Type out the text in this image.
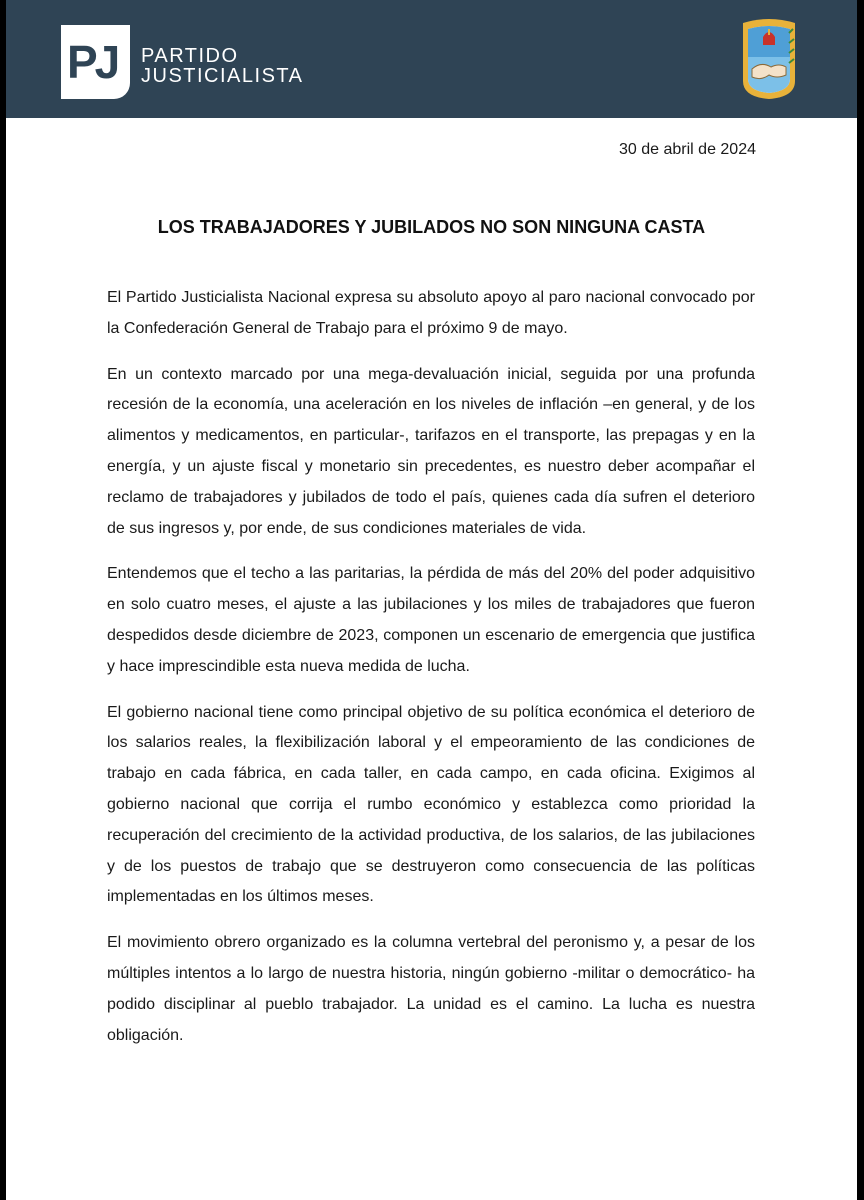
PJ PARTIDO
JUSTICIALISTA
30 de abril de 2024
LOS TRABAJADORES Y JUBILADOS NO SON NINGUNA CASTA

El Partido Justicialista Nacional expresa su absoluto apoyo al paro nacional convocado por la Confederación General de Trabajo para el próximo 9 de mayo.

En un contexto marcado por una mega-devaluación inicial, seguida por una profunda recesión de la economía, una aceleración en los niveles de inflación –en general, y de los alimentos y medicamentos, en particular-, tarifazos en el transporte, las prepagas y en la energía, y un ajuste fiscal y monetario sin precedentes, es nuestro deber acompañar el reclamo de trabajadores y jubilados de todo el país, quienes cada día sufren el deterioro de sus ingresos y, por ende, de sus condiciones materiales de vida.

Entendemos que el techo a las paritarias, la pérdida de más del 20% del poder adquisitivo en solo cuatro meses, el ajuste a las jubilaciones y los miles de trabajadores que fueron despedidos desde diciembre de 2023, componen un escenario de emergencia que justifica y hace imprescindible esta nueva medida de lucha.

El gobierno nacional tiene como principal objetivo de su política económica el deterioro de los salarios reales, la flexibilización laboral y el empeoramiento de las condiciones de trabajo en cada fábrica, en cada taller, en cada campo, en cada oficina. Exigimos al gobierno nacional que corrija el rumbo económico y establezca como prioridad la recuperación del crecimiento de la actividad productiva, de los salarios, de las jubilaciones y de los puestos de trabajo que se destruyeron como consecuencia de las políticas implementadas en los últimos meses.

El movimiento obrero organizado es la columna vertebral del peronismo y, a pesar de los múltiples intentos a lo largo de nuestra historia, ningún gobierno -militar o democrático- ha podido disciplinar al pueblo trabajador. La unidad es el camino. La lucha es nuestra obligación.
